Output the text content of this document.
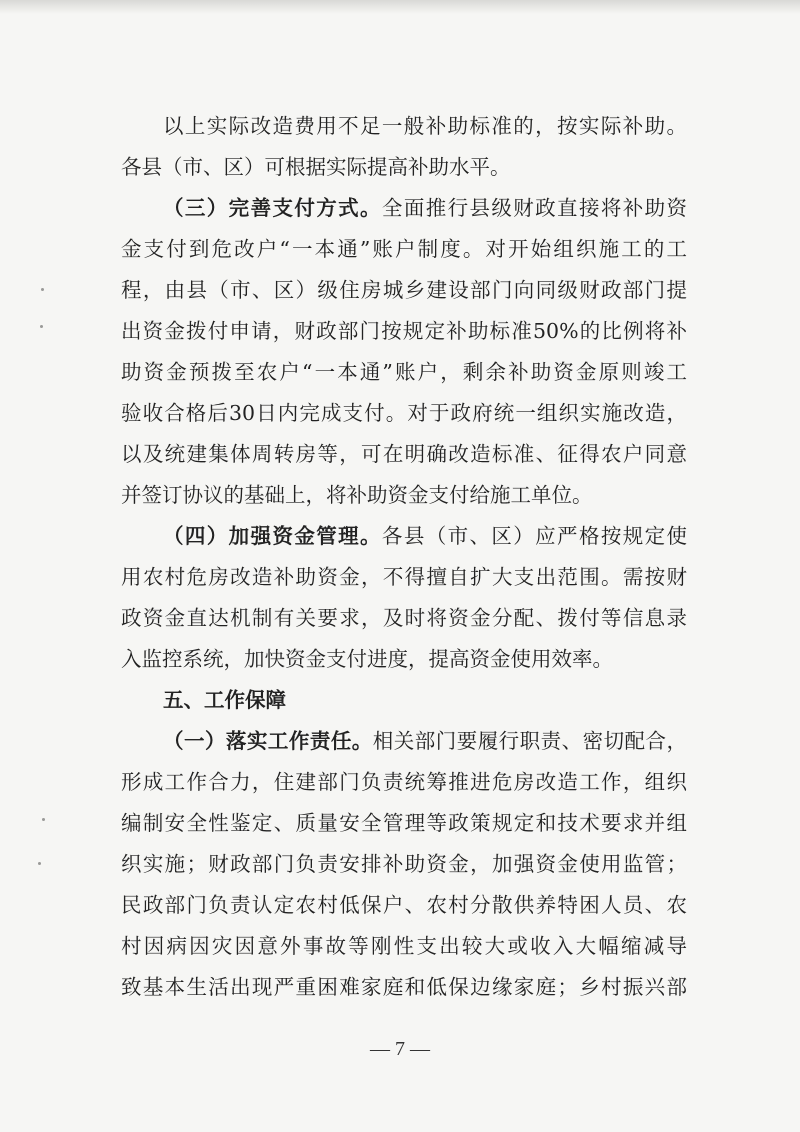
以上实际改造费用不足一般补助标准的，按实际补助。
各县（市、区）可根据实际提高补助水平。
（三）完善支付方式。全面推行县级财政直接将补助资
金支付到危改户“一本通”账户制度。对开始组织施工的工
程，由县（市、区）级住房城乡建设部门向同级财政部门提
出资金拨付申请，财政部门按规定补助标准50%的比例将补
助资金预拨至农户“一本通”账户，剩余补助资金原则竣工
验收合格后30日内完成支付。对于政府统一组织实施改造，
以及统建集体周转房等，可在明确改造标准、征得农户同意
并签订协议的基础上，将补助资金支付给施工单位。
（四）加强资金管理。各县（市、区）应严格按规定使
用农村危房改造补助资金，不得擅自扩大支出范围。需按财
政资金直达机制有关要求，及时将资金分配、拨付等信息录
入监控系统，加快资金支付进度，提高资金使用效率。
五、工作保障
（一）落实工作责任。相关部门要履行职责、密切配合，
形成工作合力，住建部门负责统筹推进危房改造工作，组织
编制安全性鉴定、质量安全管理等政策规定和技术要求并组
织实施；财政部门负责安排补助资金，加强资金使用监管；
民政部门负责认定农村低保户、农村分散供养特困人员、农
村因病因灾因意外事故等刚性支出较大或收入大幅缩减导
致基本生活出现严重困难家庭和低保边缘家庭；乡村振兴部
— 7 —
